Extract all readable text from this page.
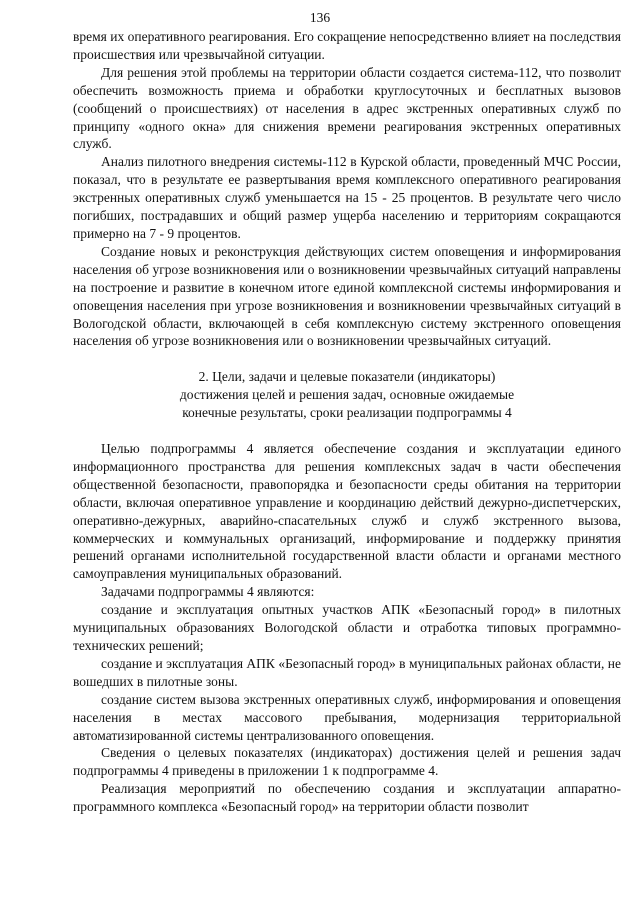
136

время их оперативного реагирования. Его сокращение непосредственно влияет на последствия происшествия или чрезвычайной ситуации.

Для решения этой проблемы на территории области создается система-112, что позволит обеспечить возможность приема и обработки круглосуточных и бесплатных вызовов (сообщений о происшествиях) от населения в адрес экстренных оперативных служб по принципу «одного окна» для снижения времени реагирования экстренных оперативных служб.

Анализ пилотного внедрения системы-112 в Курской области, проведенный МЧС России, показал, что в результате ее развертывания время комплексного оперативного реагирования экстренных оперативных служб уменьшается на 15 - 25 процентов. В результате чего число погибших, пострадавших и общий размер ущерба населению и территориям сокращаются примерно на 7 - 9 процентов.

Создание новых и реконструкция действующих систем оповещения и информирования населения об угрозе возникновения или о возникновении чрезвычайных ситуаций направлены на построение и развитие в конечном итоге единой комплексной системы информирования и оповещения населения при угрозе возникновения и возникновении чрезвычайных ситуаций в Вологодской области, включающей в себя комплексную систему экстренного оповещения населения об угрозе возникновения или о возникновении чрезвычайных ситуаций.

2. Цели, задачи и целевые показатели (индикаторы)
достижения целей и решения задач, основные ожидаемые
конечные результаты, сроки реализации подпрограммы 4

Целью подпрограммы 4 является обеспечение создания и эксплуатации единого информационного пространства для решения комплексных задач в части обеспечения общественной безопасности, правопорядка и безопасности среды обитания на территории области, включая оперативное управление и координацию действий дежурно-диспетчерских, оперативно-дежурных, аварийно-спасательных служб и служб экстренного вызова, коммерческих и коммунальных организаций, информирование и поддержку принятия решений органами исполнительной государственной власти области и органами местного самоуправления муниципальных образований.

Задачами подпрограммы 4 являются:

создание и эксплуатация опытных участков АПК «Безопасный город» в пилотных муниципальных образованиях Вологодской области и отработка типовых программно-технических решений;

создание и эксплуатация АПК «Безопасный город» в муниципальных районах области, не вошедших в пилотные зоны.

создание систем вызова экстренных оперативных служб, информирования и оповещения населения в местах массового пребывания, модернизация территориальной автоматизированной системы централизованного оповещения.

Сведения о целевых показателях (индикаторах) достижения целей и решения задач подпрограммы 4 приведены в приложении 1 к подпрограмме 4.

Реализация мероприятий по обеспечению создания и эксплуатации аппаратно-программного комплекса «Безопасный город» на территории области позволит
